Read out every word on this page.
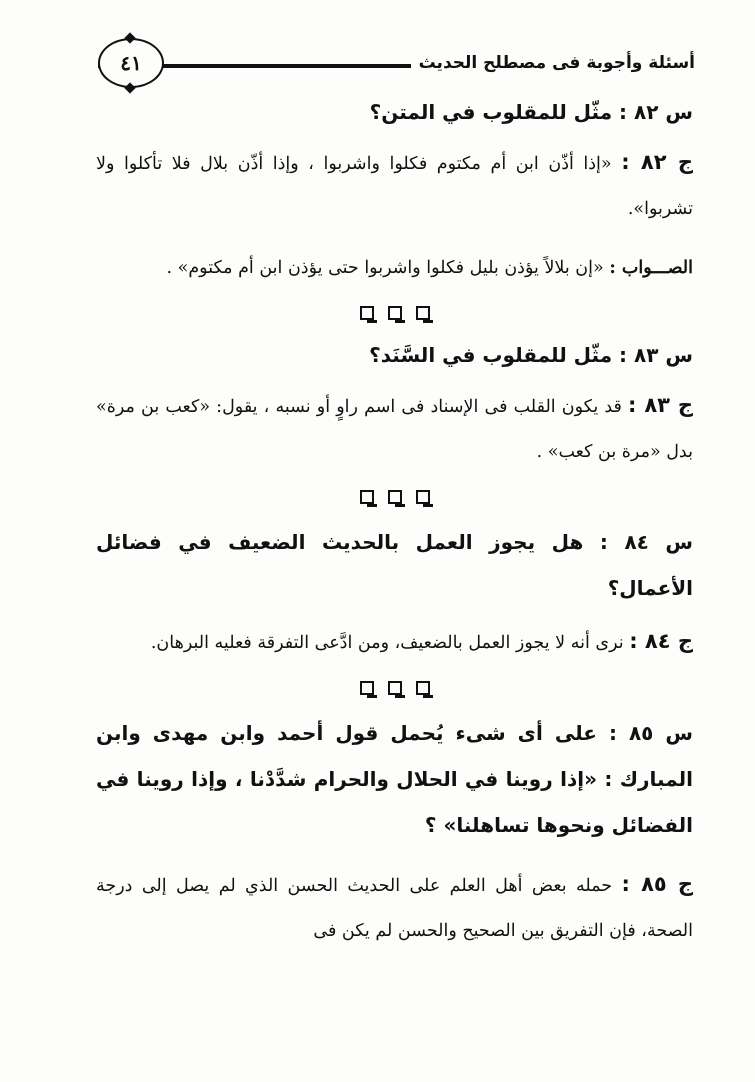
أسئلة وأجوبة فى مصطلح الحديث
٤١

س ٨٢ : مثّل للمقلوب في المتن؟

ج ٨٢ : «إذا أذّن ابن أم مكتوم فكلوا واشربوا ، وإذا أذّن بلال فلا تأكلوا ولا تشربوا».

الصـــواب : «إن بلالاً يؤذن بليل فكلوا واشربوا حتى يؤذن ابن أم مكتوم» .

س ٨٣ : مثّل للمقلوب في السَّنَد؟

ج ٨٣ : قد يكون القلب فى الإسناد فى اسم راوٍ أو نسبه ، يقول: «كعب بن مرة» بدل «مرة بن كعب» .

س ٨٤ : هل يجوز العمل بالحديث الضعيف في فضائل الأعمال؟

ج ٨٤ : نرى أنه لا يجوز العمل بالضعيف، ومن ادَّعى التفرقة فعليه البرهان.

س ٨٥ : على أى شىء يُحمل قول أحمد وابن مهدى وابن المبارك : «إذا روينا في الحلال والحرام شدَّدْنا ، وإذا روينا في الفضائل ونحوها تساهلنا» ؟

ج ٨٥ : حمله بعض أهل العلم على الحديث الحسن الذي لم يصل إلى درجة الصحة، فإن التفريق بين الصحيح والحسن لم يكن فى
